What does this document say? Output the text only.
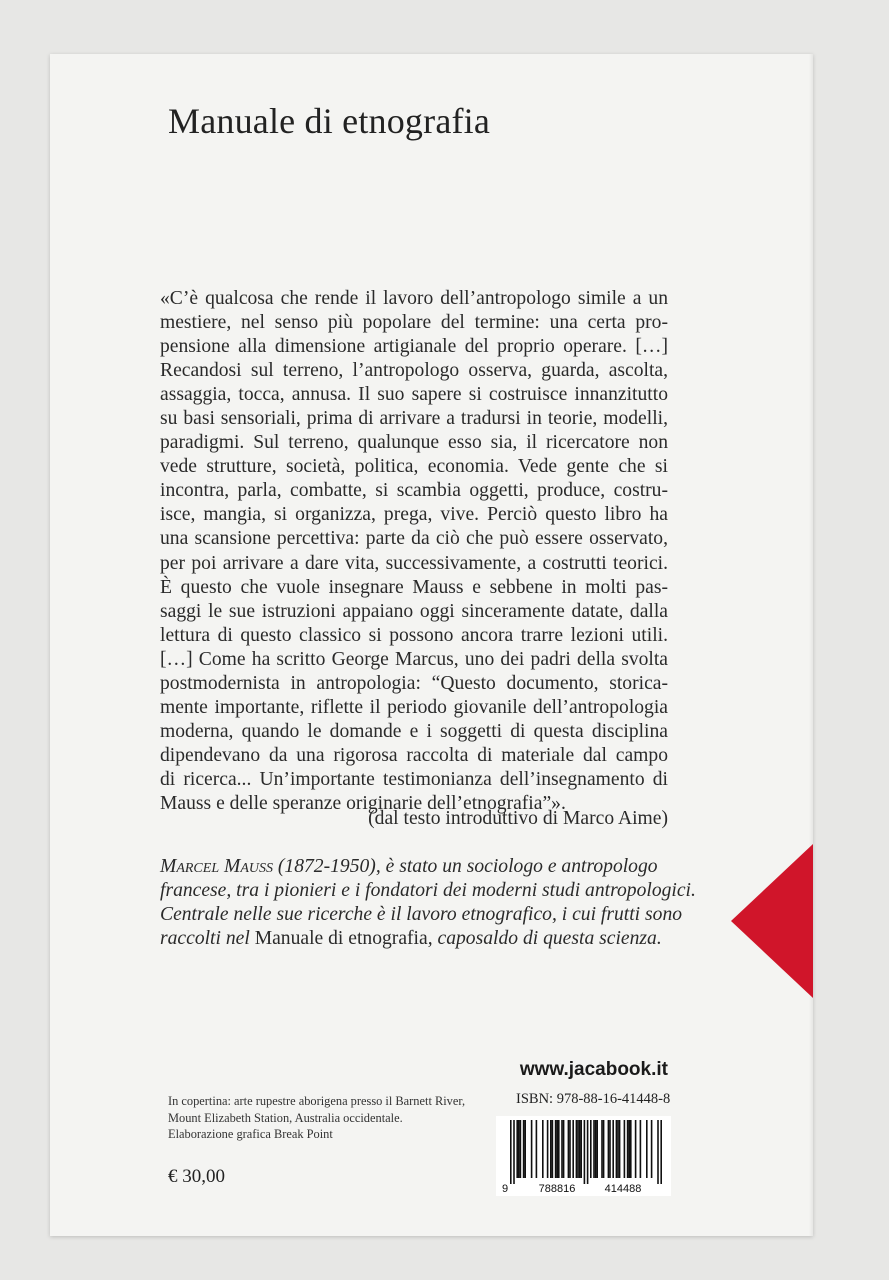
Manuale di etnografia
«C’è qualcosa che rende il lavoro dell’antropologo simile a un
mestiere, nel senso più popolare del termine: una certa pro-
pensione alla dimensione artigianale del proprio operare. […]
Recandosi sul terreno, l’antropologo osserva, guarda, ascolta,
assaggia, tocca, annusa. Il suo sapere si costruisce innanzitutto
su basi sensoriali, prima di arrivare a tradursi in teorie, modelli,
paradigmi. Sul terreno, qualunque esso sia, il ricercatore non
vede strutture, società, politica, economia. Vede gente che si
incontra, parla, combatte, si scambia oggetti, produce, costru-
isce, mangia, si organizza, prega, vive. Perciò questo libro ha
una scansione percettiva: parte da ciò che può essere osservato,
per poi arrivare a dare vita, successivamente, a costrutti teorici.
È questo che vuole insegnare Mauss e sebbene in molti pas-
saggi le sue istruzioni appaiano oggi sinceramente datate, dalla
lettura di questo classico si possono ancora trarre lezioni utili.
[…] Come ha scritto George Marcus, uno dei padri della svolta
postmodernista in antropologia: “Questo documento, storica-
mente importante, riflette il periodo giovanile dell’antropologia
moderna, quando le domande e i soggetti di questa disciplina
dipendevano da una rigorosa raccolta di materiale dal campo
di ricerca... Un’importante testimonianza dell’insegnamento di
Mauss e delle speranze originarie dell’etnografia”».
(dal testo introduttivo di Marco Aime)
Marcel Mauss (1872-1950), è stato un sociologo e antropologo
francese, tra i pionieri e i fondatori dei moderni studi antropologici.
Centrale nelle sue ricerche è il lavoro etnografico, i cui frutti sono
raccolti nel Manuale di etnografia, caposaldo di questa scienza.
www.jacabook.it
ISBN: 978-88-16-41448-8
In copertina: arte rupestre aborigena presso il Barnett River,
Mount Elizabeth Station, Australia occidentale.
Elaborazione grafica Break Point
€ 30,00
9	788816	414488
